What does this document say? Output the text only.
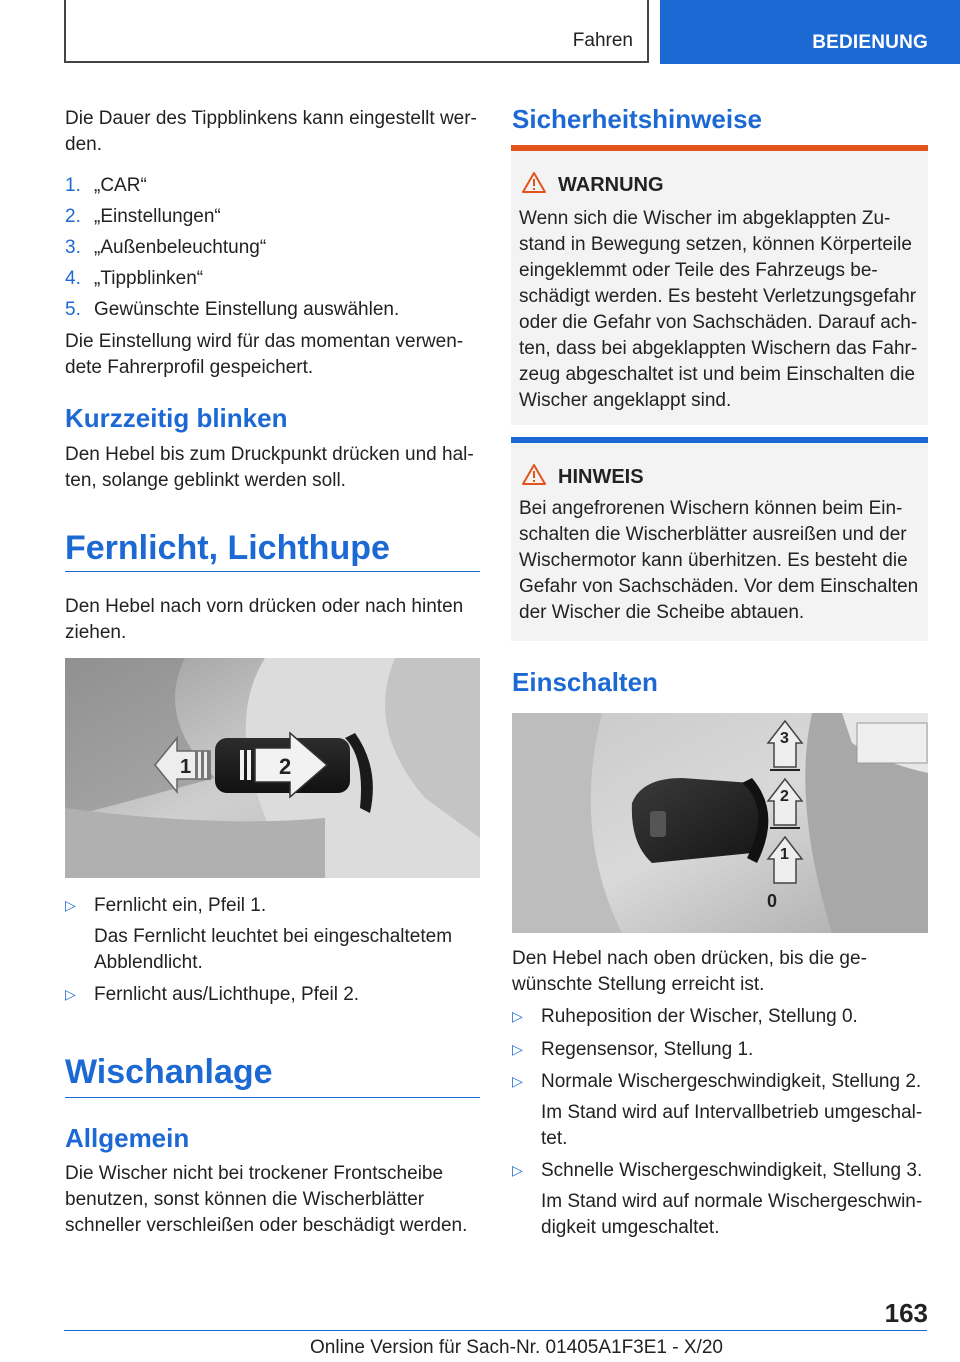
Fahren	BEDIENUNG

Die Dauer des Tippblinkens kann eingestellt wer-

den.

1. „CAR“
2. „Einstellungen“
3. „Außenbeleuchtung“
4. „Tippblinken“
5. Gewünschte Einstellung auswählen.

Die Einstellung wird für das momentan verwen-

dete Fahrerprofil gespeichert.

Kurzzeitig blinken

Den Hebel bis zum Druckpunkt drücken und hal-

ten, solange geblinkt werden soll.

Fernlicht, Lichthupe

Den Hebel nach vorn drücken oder nach hinten

ziehen.

1	2
▷ Fernlicht ein, Pfeil 1.

Das Fernlicht leuchtet bei eingeschaltetem

Abblendlicht.

▷ Fernlicht aus/Lichthupe, Pfeil 2.
Wischanlage
Allgemein

Die Wischer nicht bei trockener Frontscheibe

benutzen, sonst können die Wischerblätter

schneller verschleißen oder beschädigt werden.

Sicherheitshinweise
WARNUNG

Wenn sich die Wischer im abgeklappten Zu-

stand in Bewegung setzen, können Körperteile

eingeklemmt oder Teile des Fahrzeugs be-

schädigt werden. Es besteht Verletzungsgefahr

oder die Gefahr von Sachschäden. Darauf ach-

ten, dass bei abgeklappten Wischern das Fahr-

zeug abgeschaltet ist und beim Einschalten die

Wischer angeklappt sind.

HINWEIS

Bei angefrorenen Wischern können beim Ein-

schalten die Wischerblätter ausreißen und der

Wischermotor kann überhitzen. Es besteht die

Gefahr von Sachschäden. Vor dem Einschalten

der Wischer die Scheibe abtauen.

Einschalten
3
2
1
0

Den Hebel nach oben drücken, bis die ge-

wünschte Stellung erreicht ist.

▷ Ruheposition der Wischer, Stellung 0.
▷ Regensensor, Stellung 1.
▷ Normale Wischergeschwindigkeit, Stellung 2.

Im Stand wird auf Intervallbetrieb umgeschal-

tet.

▷ Schnelle Wischergeschwindigkeit, Stellung 3.

Im Stand wird auf normale Wischergeschwin-

digkeit umgeschaltet.

163
Online Version für Sach-Nr. 01405A1F3E1 - X/20
